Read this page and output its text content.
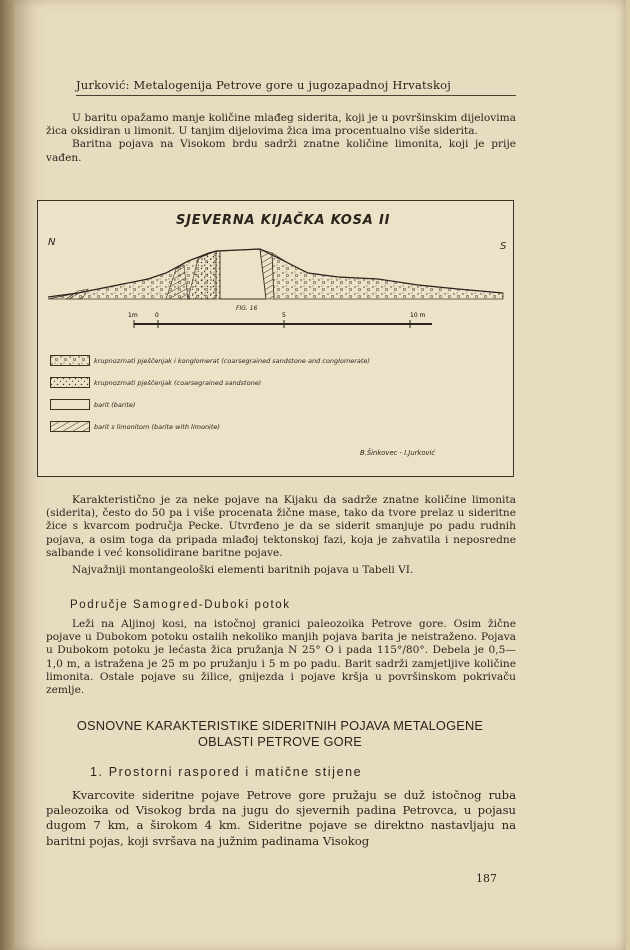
Jurković: Metalogenija Petrove gore u jugozapadnoj Hrvatskoj

U baritu opažamo manje količine mlađeg siderita, koji je u površinskim dijelovima žica oksidiran u limonit. U tanjim dijelovima žica ima procentualno više siderita.

Baritna pojava na Visokom brdu sadrži znatne količine limonita, koji je prije vađen.

1m	0	5	10 m
SJEVERNA KIJAČKA KOSA II
N	S
FIG. 16
krupnozrnati pješčenjak i konglomerat (coarsegrained sandstone and conglomerate)
krupnozrnati pješčenjak (coarsegrained sandstone)
barit (barite)
barit s limonitom (barite with limonite)
B.Šinkovec - I.Jurković

Karakteristično je za neke pojave na Kijaku da sadrže znatne količine limonita (siderita), često do 50 pa i više procenata žične mase, tako da tvore prelaz u sideritne žice s kvarcom područja Pecke. Utvrđeno je da se siderit smanjuje po padu rudnih pojava, a osim toga da pripada mlađoj tektonskoj fazi, koja je zahvatila i neposredne salbande i već konsolidirane baritne pojave.

Najvažniji montangeološki elementi baritnih pojava u Tabeli VI.

Područje Samogred-Duboki potok

Leži na Aljinoj kosi, na istočnoj granici paleozoika Petrove gore. Osim žične pojave u Dubokom potoku ostalih nekoliko manjih pojava barita je neistraženo. Pojava u Dubokom potoku je lećasta žica pružanja N 25° O i pada 115°/80°. Debela je 0,5—1,0 m, a istražena je 25 m po pružanju i 5 m po padu. Barit sadrži zamjetljive količine limonita. Ostale pojave su žilice, gnijezda i pojave kršja u površinskom pokrivaču zemlje.

OSNOVNE KARAKTERISTIKE SIDERITNIH POJAVA METALOGENE
OBLASTI PETROVE GORE
1. Prostorni raspored i matične stijene

Kvarcovite sideritne pojave Petrove gore pružaju se duž istočnog ruba paleozoika od Visokog brda na jugu do sjevernih padina Petrovca, u pojasu dugom 7 km, a širokom 4 km. Sideritne pojave se direktno nastavljaju na baritni pojas, koji svršava na južnim padinama Visokog

187
